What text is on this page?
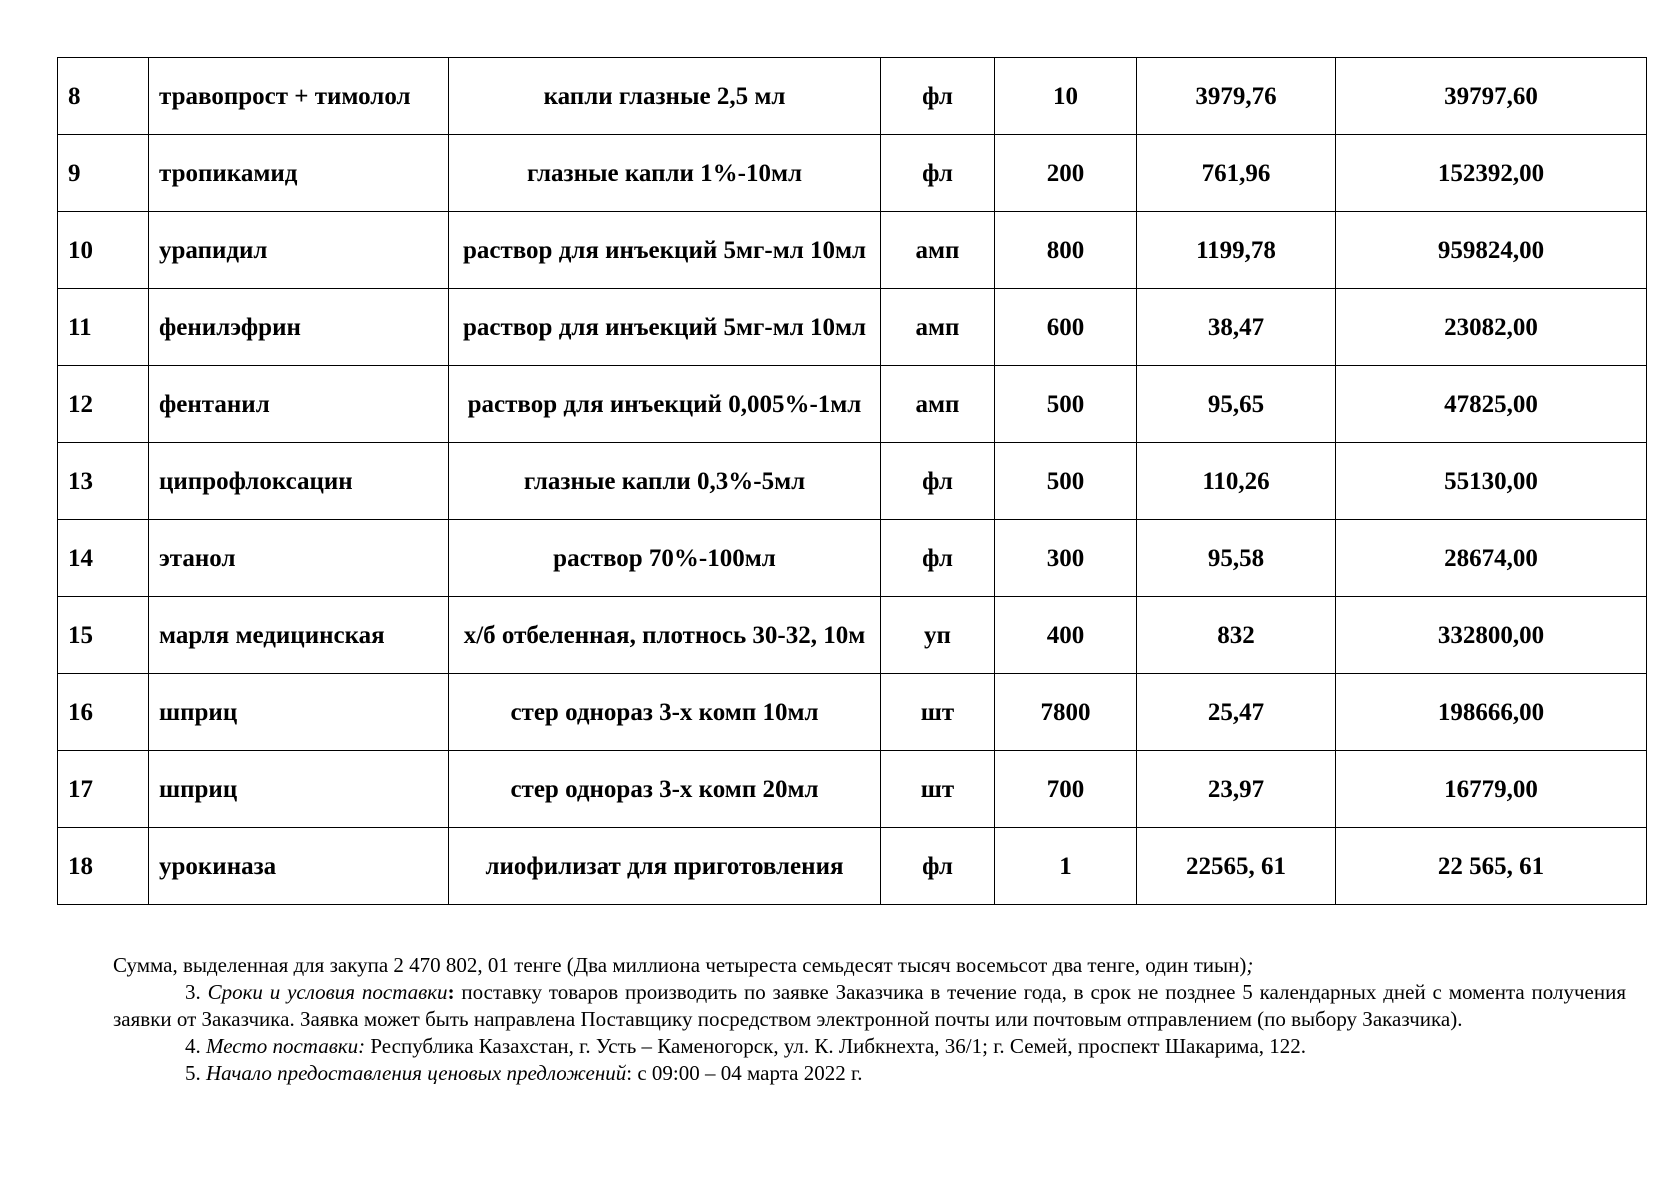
8	травопрост + тимолол	капли глазные 2,5 мл	фл	10	3979,76	39797,60
9	тропикамид	глазные капли 1%-10мл	фл	200	761,96	152392,00
10	урапидил	раствор для инъекций 5мг-мл 10мл	амп	800	1199,78	959824,00
11	фенилэфрин	раствор для инъекций 5мг-мл 10мл	амп	600	38,47	23082,00
12	фентанил	раствор для инъекций 0,005%-1мл	амп	500	95,65	47825,00
13	ципрофлоксацин	глазные капли 0,3%-5мл	фл	500	110,26	55130,00
14	этанол	раствор 70%-100мл	фл	300	95,58	28674,00
15	марля медицинская	х/б отбеленная, плотнось 30-32, 10м	уп	400	832	332800,00
16	шприц	стер однораз 3-х комп 10мл	шт	7800	25,47	198666,00
17	шприц	стер однораз 3-х комп 20мл	шт	700	23,97	16779,00
18	урокиназа	лиофилизат для приготовления	фл	1	22565, 61	22 565, 61

Сумма, выделенная для закупа 2 470 802, 01 тенге (Два миллиона четыреста семьдесят тысяч восемьсот два тенге, один тиын);

3. Сроки и условия поставки: поставку товаров производить по заявке Заказчика в течение года, в срок не позднее 5 календарных дней с момента получения заявки от Заказчика. Заявка может быть направлена Поставщику посредством электронной почты или почтовым отправлением (по выбору Заказчика).

4. Место поставки: Республика Казахстан, г. Усть – Каменогорск, ул. К. Либкнехта, 36/1; г. Семей, проспект Шакарима, 122.

5. Начало предоставления ценовых предложений: с 09:00 – 04 марта 2022 г.
